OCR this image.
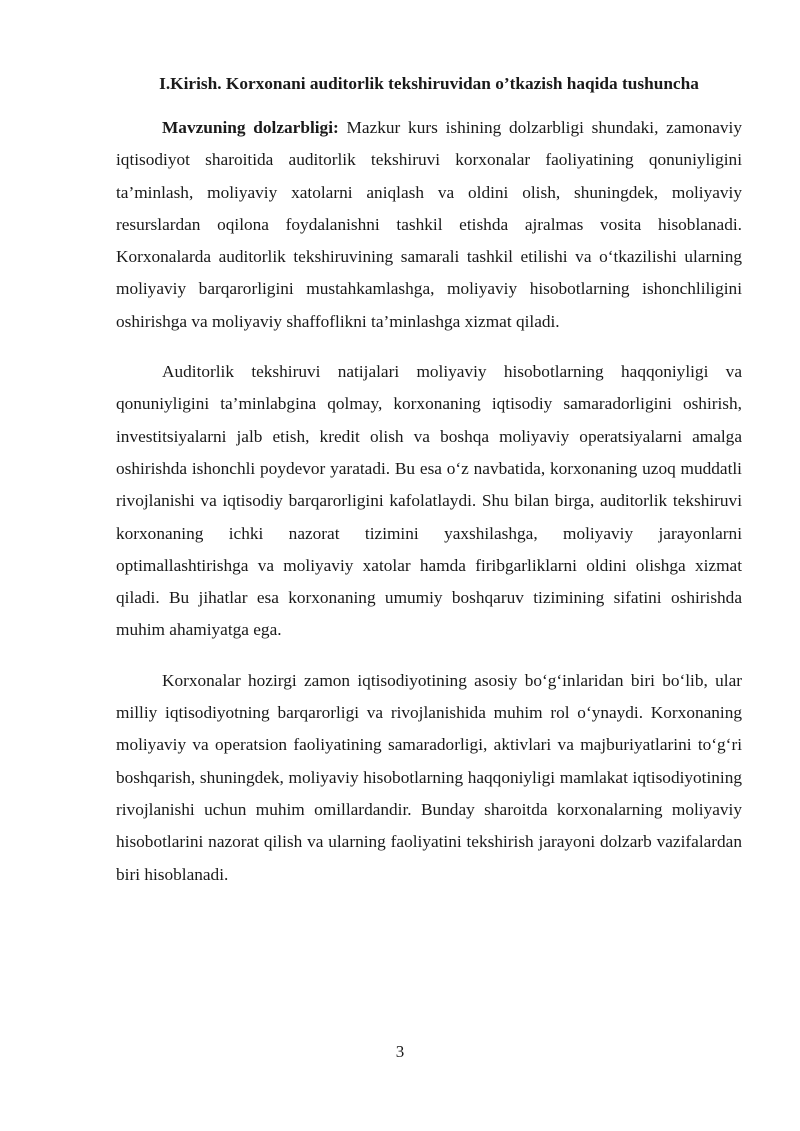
I.Kirish. Korxonani auditorlik tekshiruvidan o’tkazish haqida tushuncha

Mavzuning dolzarbligi: Mazkur kurs ishining dolzarbligi shundaki, zamonaviy iqtisodiyot sharoitida auditorlik tekshiruvi korxonalar faoliyatining qonuniyligini ta’minlash, moliyaviy xatolarni aniqlash va oldini olish, shuningdek, moliyaviy resurslardan oqilona foydalanishni tashkil etishda ajralmas vosita hisoblanadi. Korxonalarda auditorlik tekshiruvining samarali tashkil etilishi va o‘tkazilishi ularning moliyaviy barqarorligini mustahkamlashga, moliyaviy hisobotlarning ishonchliligini oshirishga va moliyaviy shaffoflikni ta’minlashga xizmat qiladi.

Auditorlik tekshiruvi natijalari moliyaviy hisobotlarning haqqoniyligi va qonuniyligini ta’minlabgina qolmay, korxonaning iqtisodiy samaradorligini oshirish, investitsiyalarni jalb etish, kredit olish va boshqa moliyaviy operatsiyalarni amalga oshirishda ishonchli poydevor yaratadi. Bu esa o‘z navbatida, korxonaning uzoq muddatli rivojlanishi va iqtisodiy barqarorligini kafolatlaydi. Shu bilan birga, auditorlik tekshiruvi korxonaning ichki nazorat tizimini yaxshilashga, moliyaviy jarayonlarni optimallashtirishga va moliyaviy xatolar hamda firibgarliklarni oldini olishga xizmat qiladi. Bu jihatlar esa korxonaning umumiy boshqaruv tizimining sifatini oshirishda muhim ahamiyatga ega.

Korxonalar hozirgi zamon iqtisodiyotining asosiy bo‘g‘inlaridan biri bo‘lib, ular milliy iqtisodiyotning barqarorligi va rivojlanishida muhim rol o‘ynaydi. Korxonaning moliyaviy va operatsion faoliyatining samaradorligi, aktivlari va majburiyatlarini to‘g‘ri boshqarish, shuningdek, moliyaviy hisobotlarning haqqoniyligi mamlakat iqtisodiyotining rivojlanishi uchun muhim omillardandir. Bunday sharoitda korxonalarning moliyaviy hisobotlarini nazorat qilish va ularning faoliyatini tekshirish jarayoni dolzarb vazifalardan biri hisoblanadi.

3
